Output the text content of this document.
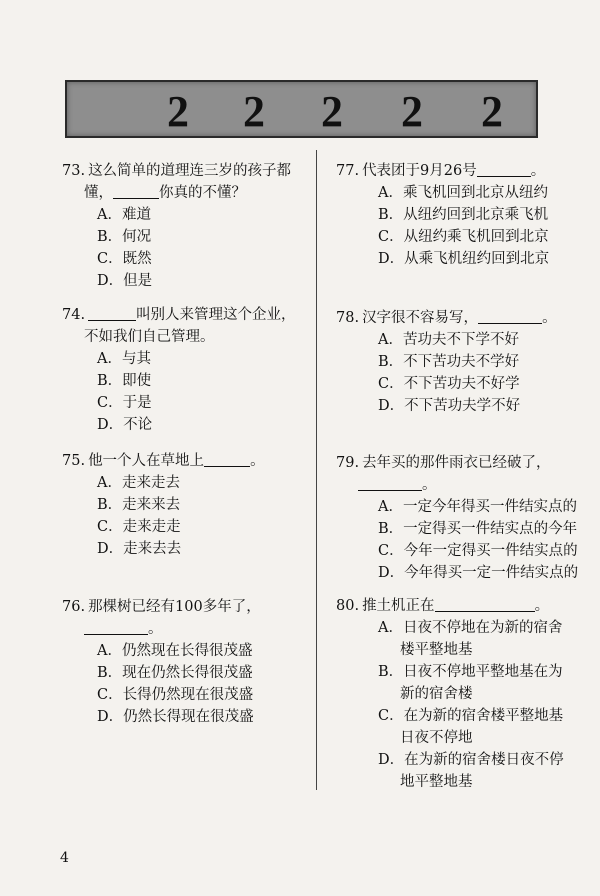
2 2 2 2 2
73. 这么简单的道理连三岁的孩子都
懂，	你真的不懂？
A．难道
B．何况
C．既然
D．但是
74.	叫别人来管理这个企业，
不如我们自己管理。
A．与其
B．即使
C．于是
D．不论
75. 他一个人在草地上	。
A．走来走去
B．走来来去
C．走来走走
D．走来去去
76. 那棵树已经有100多年了，
。
A．仍然现在长得很茂盛
B．现在仍然长得很茂盛
C．长得仍然现在很茂盛
D．仍然长得现在很茂盛
77. 代表团于9月26号	。
A．乘飞机回到北京从纽约
B．从纽约回到北京乘飞机
C．从纽约乘飞机回到北京
D．从乘飞机纽约回到北京
78. 汉字很不容易写，	。
A．苦功夫不下学不好
B．不下苦功夫不学好
C．不下苦功夫不好学
D．不下苦功夫学不好
79. 去年买的那件雨衣已经破了，
。
A．一定今年得买一件结实点的
B．一定得买一件结实点的今年
C．今年一定得买一件结实点的
D．今年得买一定一件结实点的
80. 推土机正在	。
A．日夜不停地在为新的宿舍
楼平整地基
B．日夜不停地平整地基在为
新的宿舍楼
C．在为新的宿舍楼平整地基
日夜不停地
D．在为新的宿舍楼日夜不停
地平整地基
4
